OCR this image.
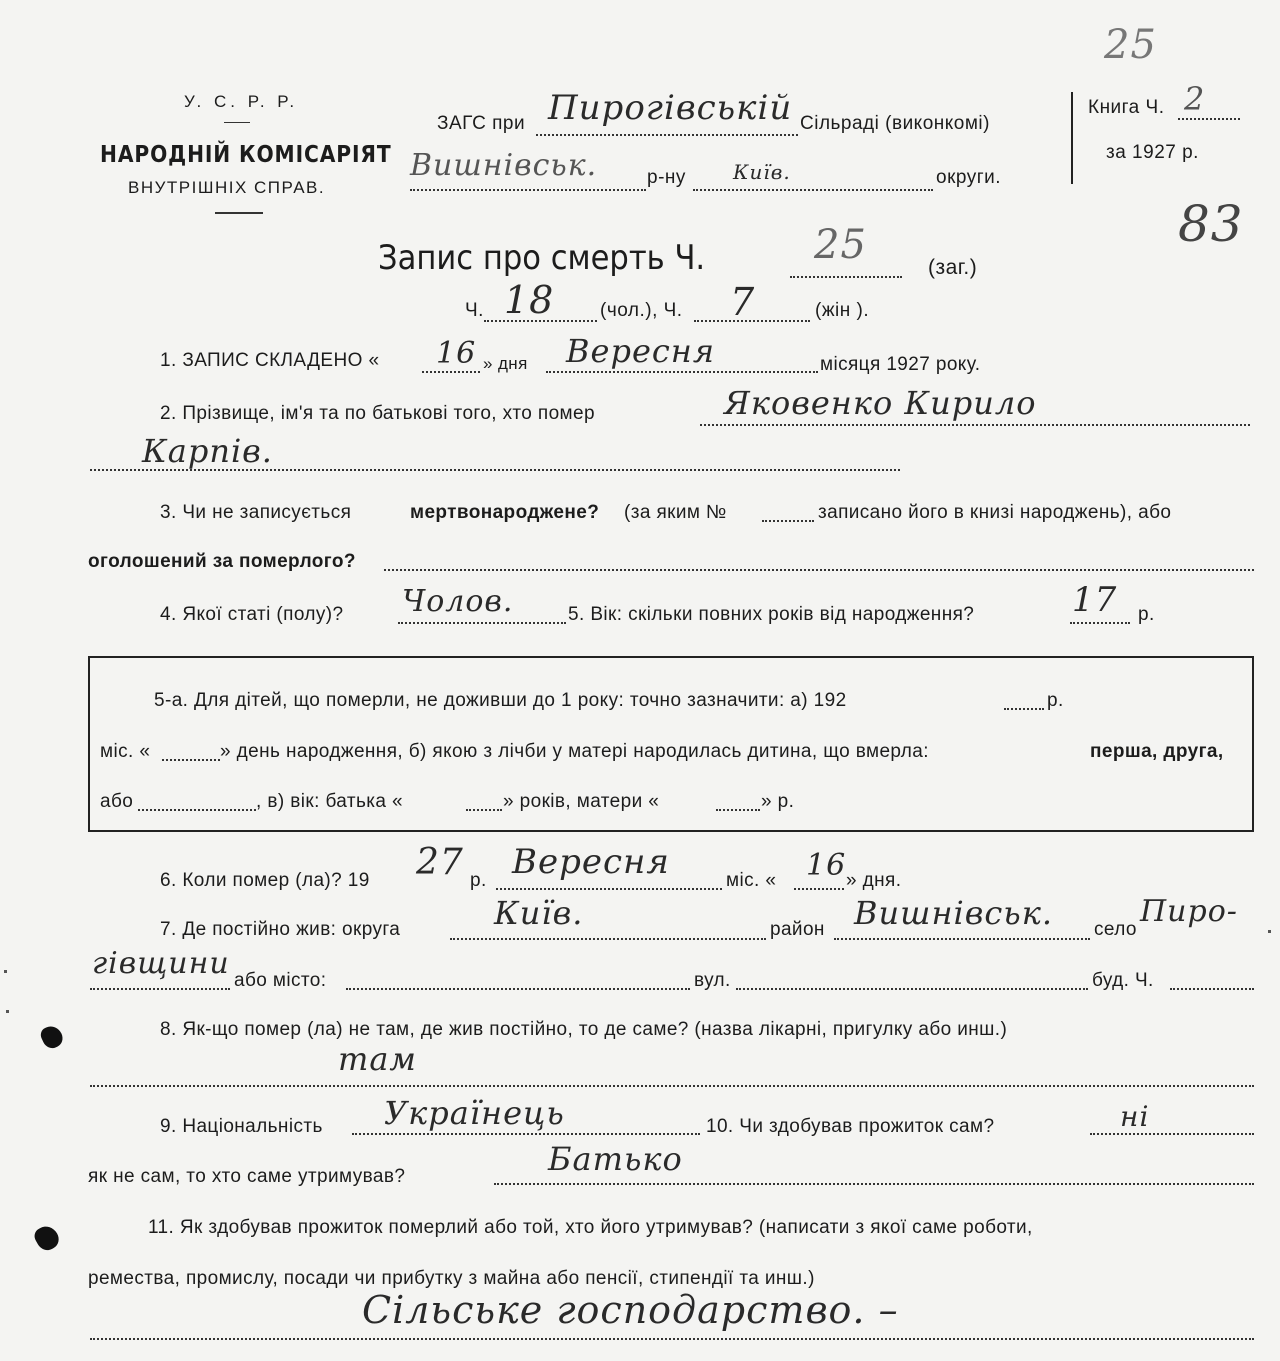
У. С. Р. Р.
НАРОДНІЙ КОМІСАРІЯТ
ВНУТРІШНІХ СПРАВ.
ЗАГС при Пирогівській Сільраді (виконкомі)
Вишнівськ.	р-ну Київ.	округи.
Книга Ч. 2
за 1927 р.
25
83
Запис про смерть Ч.	25	(заг.)
Ч. 18 (чол.), Ч. 7	(жін ).
1. ЗАПИС СКЛАДЕНО « 16 » дня Вересня	місяця 1927 року.
2. Прізвище, ім'я та по батькові того, хто помер	Яковенко Кирило
Карпів.
3. Чи не записується	мертвонароджене? (за яким №	записано його в книзі народжень), або
оголошений за померлого?
4. Якої статі (полу)? Чолов.	5. Вік: скільки повних років від народження?	17 р.
5-а. Для дітей, що померли, не доживши до 1 року: точно зазначити: а) 192	р.
міс. «	» день народження, б) якою з лічби у матері народилась дитина, що вмерла:	перша, друга,
або	, в) вік: батька «	» років, матери «	» р.
6. Коли помер (ла)? 19 27 р. Вересня	міс. « 16 » дня.
7. Де постійно жив: округа	Київ.	район Вишнівськ. село
Пиро-
гівщини або місто:	вул.	буд. Ч.
8. Як-що помер (ла) не там, де жив постійно, то де саме? (назва лікарні, пригулку або инш.)
там
9. Національність Українець	10. Чи здобував прожиток сам?	ні
як не сам, то хто саме утримував?	Батько
11. Як здобував прожиток померлий або той, хто його утримував? (написати з якої саме роботи,
ремества, промислу, посади чи прибутку з майна або пенсії, стипендії та инш.)
Сільське господарство. –
